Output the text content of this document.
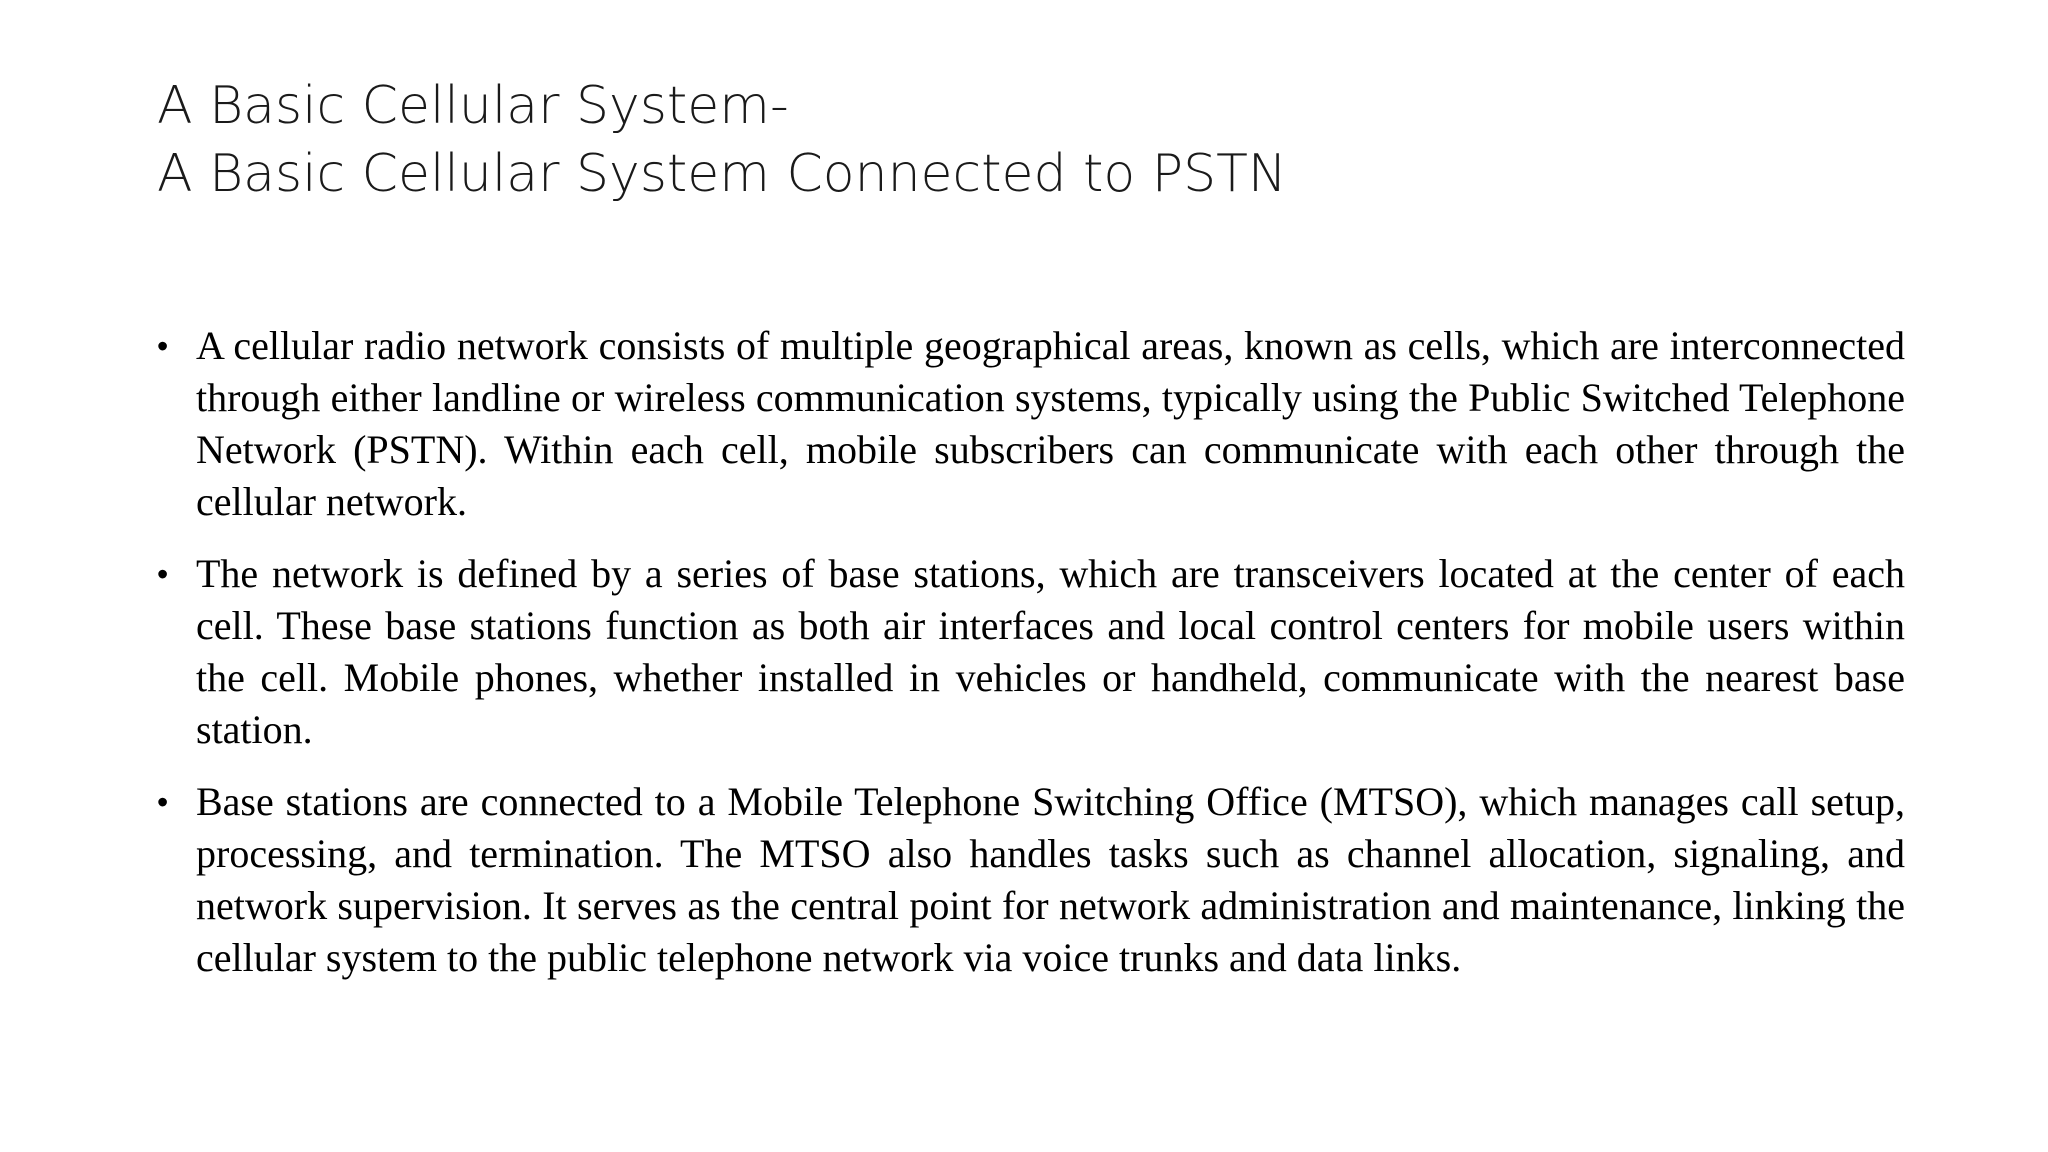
A Basic Cellular System-
A Basic Cellular System Connected to PSTN
• A cellular radio network consists of multiple geographical areas, known as cells, which are interconnected through either landline or wireless communication systems, typically using the Public Switched Telephone Network (PSTN). Within each cell, mobile subscribers can communicate with each other through the cellular network.
• The network is defined by a series of base stations, which are transceivers located at the center of each cell. These base stations function as both air interfaces and local control centers for mobile users within the cell. Mobile phones, whether installed in vehicles or handheld, communicate with the nearest base station.
• Base stations are connected to a Mobile Telephone Switching Office (MTSO), which manages call setup, processing, and termination. The MTSO also handles tasks such as channel allocation, signaling, and network supervision. It serves as the central point for network administration and maintenance, linking the cellular system to the public telephone network via voice trunks and data links.
